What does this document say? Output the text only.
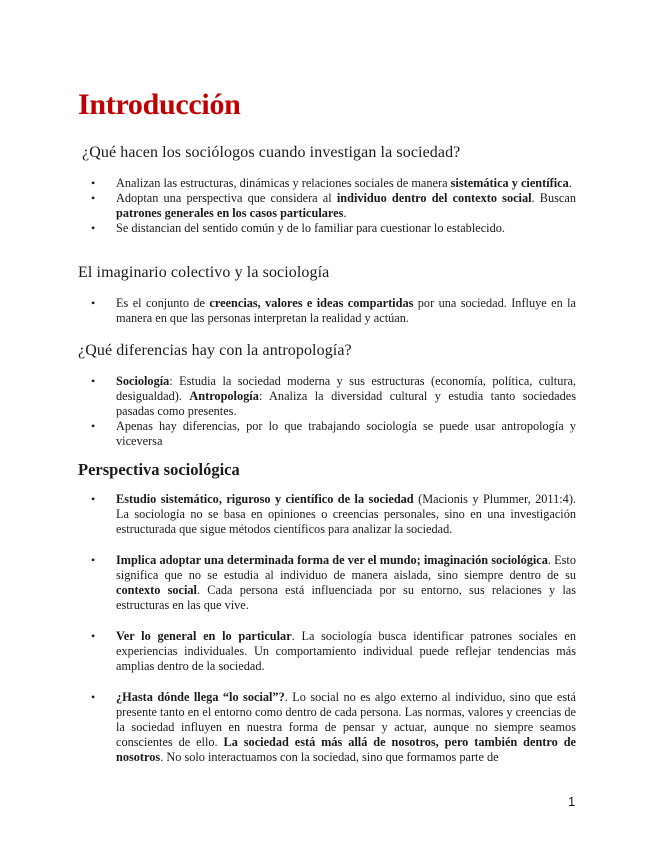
Introducción
¿Qué hacen los sociólogos cuando investigan la sociedad?
• Analizan las estructuras, dinámicas y relaciones sociales de manera sistemática y científica.
• Adoptan una perspectiva que considera al individuo dentro del contexto social. Buscan patrones generales en los casos particulares.
• Se distancian del sentido común y de lo familiar para cuestionar lo establecido.
El imaginario colectivo y la sociología
• Es el conjunto de creencias, valores e ideas compartidas por una sociedad. Influye en la manera en que las personas interpretan la realidad y actúan.
¿Qué diferencias hay con la antropología?
• Sociología: Estudia la sociedad moderna y sus estructuras (economía, política, cultura, desigualdad). Antropología: Analiza la diversidad cultural y estudia tanto sociedades pasadas como presentes.
• Apenas hay diferencias, por lo que trabajando sociología se puede usar antropología y viceversa
Perspectiva sociológica
• Estudio sistemático, riguroso y científico de la sociedad (Macionis y Plummer, 2011:4). La sociología no se basa en opiniones o creencias personales, sino en una investigación estructurada que sigue métodos científicos para analizar la sociedad.
• Implica adoptar una determinada forma de ver el mundo; imaginación sociológica. Esto significa que no se estudia al individuo de manera aislada, sino siempre dentro de su contexto social. Cada persona está influenciada por su entorno, sus relaciones y las estructuras en las que vive.
• Ver lo general en lo particular. La sociología busca identificar patrones sociales en experiencias individuales. Un comportamiento individual puede reflejar tendencias más amplias dentro de la sociedad.
• ¿Hasta dónde llega “lo social”?. Lo social no es algo externo al individuo, sino que está presente tanto en el entorno como dentro de cada persona. Las normas, valores y creencias de la sociedad influyen en nuestra forma de pensar y actuar, aunque no siempre seamos conscientes de ello. La sociedad está más allá de nosotros, pero también dentro de nosotros. No solo interactuamos con la sociedad, sino que formamos parte de
1
